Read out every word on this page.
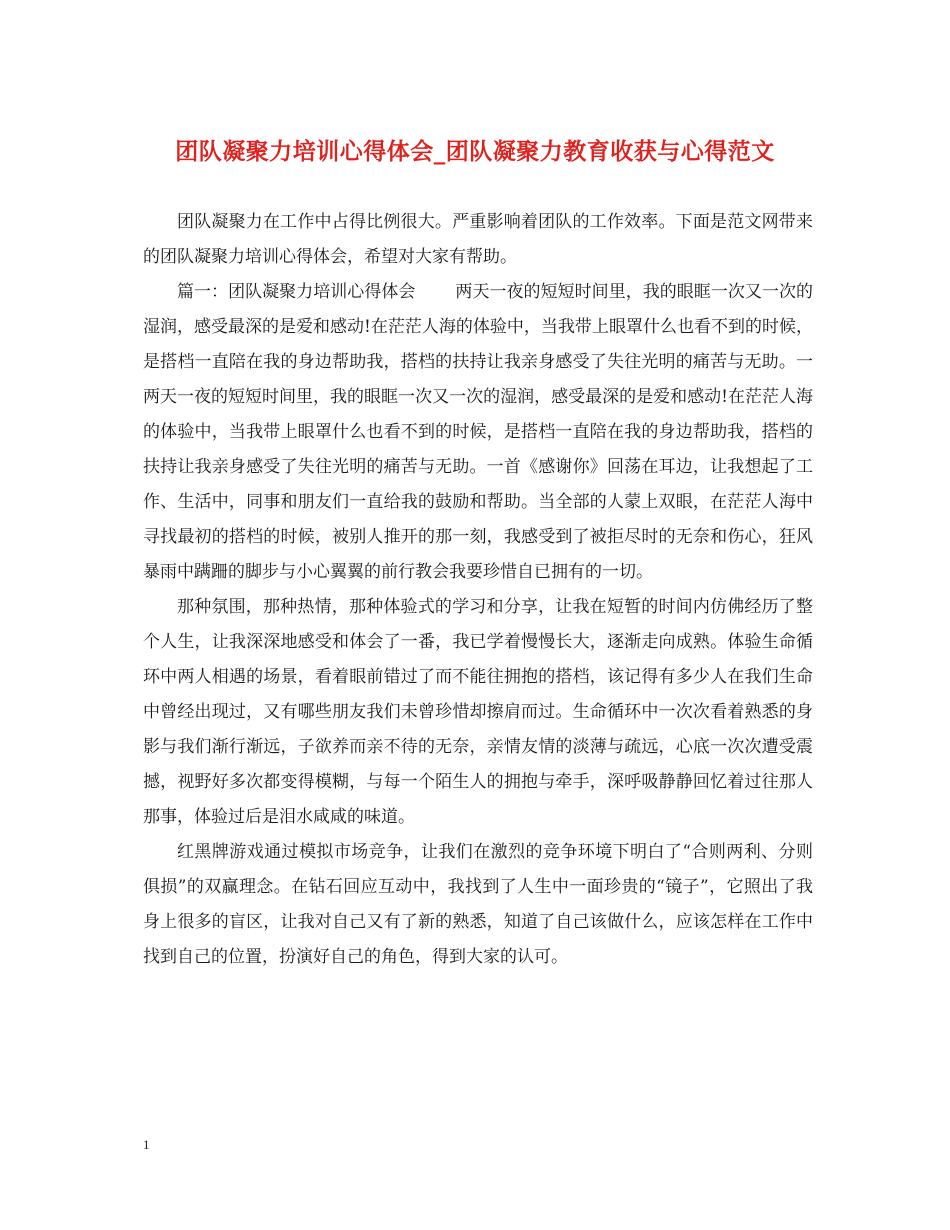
团队凝聚力培训心得体会_团队凝聚力教育收获与心得范文

团队凝聚力在工作中占得比例很大。严重影响着团队的工作效率。下面是范文网带来的团队凝聚力培训心得体会，希望对大家有帮助。

篇一：团队凝聚力培训心得体会 两天一夜的短短时间里，我的眼眶一次又一次的湿润，感受最深的是爱和感动!在茫茫人海的体验中，当我带上眼罩什么也看不到的时候，是搭档一直陪在我的身边帮助我，搭档的扶持让我亲身感受了失往光明的痛苦与无助。一 两天一夜的短短时间里，我的眼眶一次又一次的湿润，感受最深的是爱和感动!在茫茫人海的体验中，当我带上眼罩什么也看不到的时候，是搭档一直陪在我的身边帮助我，搭档的扶持让我亲身感受了失往光明的痛苦与无助。一首《感谢你》回荡在耳边，让我想起了工作、生活中，同事和朋友们一直给我的鼓励和帮助。当全部的人蒙上双眼，在茫茫人海中寻找最初的搭档的时候，被别人推开的那一刻，我感受到了被拒尽时的无奈和伤心，狂风暴雨中蹒跚的脚步与小心翼翼的前行教会我要珍惜自已拥有的一切。

那种氛围，那种热情，那种体验式的学习和分享，让我在短暂的时间内仿佛经历了整个人生，让我深深地感受和体会了一番，我已学着慢慢长大，逐渐走向成熟。体验生命循环中两人相遇的场景，看着眼前错过了而不能往拥抱的搭档，该记得有多少人在我们生命中曾经出现过，又有哪些朋友我们未曾珍惜却擦肩而过。生命循环中一次次看着熟悉的身影与我们渐行渐远，子欲养而亲不待的无奈，亲情友情的淡薄与疏远，心底一次次遭受震撼，视野好多次都变得模糊，与每一个陌生人的拥抱与牵手，深呼吸静静回忆着过往那人那事，体验过后是泪水咸咸的味道。

红黑牌游戏通过模拟市场竞争，让我们在激烈的竞争环境下明白了“合则两利、分则俱损”的双赢理念。在钻石回应互动中，我找到了人生中一面珍贵的“镜子”，它照出了我身上很多的盲区，让我对自己又有了新的熟悉，知道了自己该做什么，应该怎样在工作中找到自己的位置，扮演好自己的角色，得到大家的认可。

1
